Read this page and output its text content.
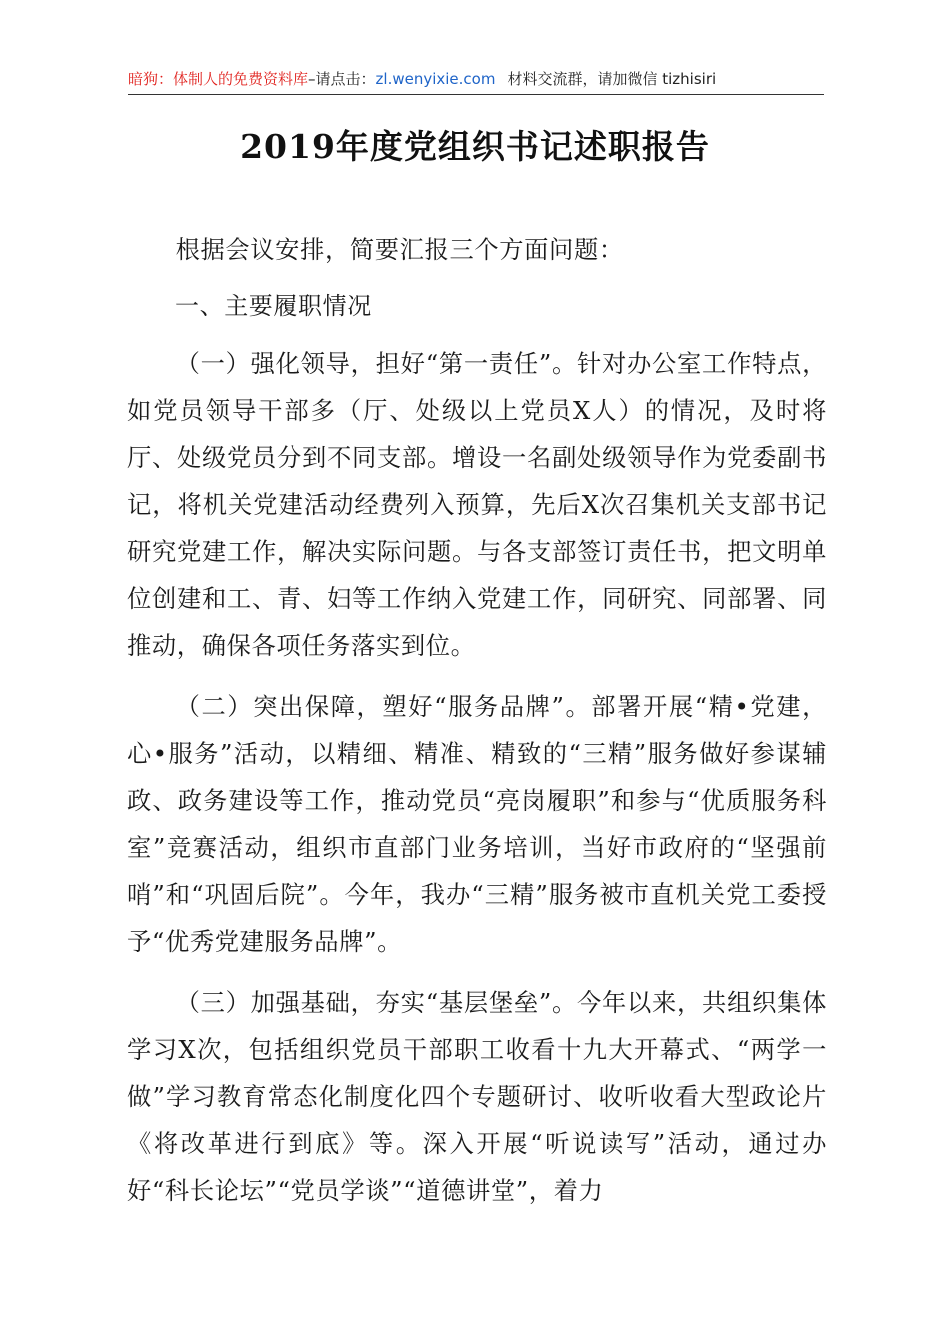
暗狗：体制人的免费资料库–请点击：zl.wenyixie.com 材料交流群，请加微信 tizhisiri
2019年度党组织书记述职报告

根据会议安排，简要汇报三个方面问题：

一、主要履职情况

（一）强化领导，担好“第一责任”。针对办公室工作特点，如党员领导干部多（厅、处级以上党员X人）的情况，及时将厅、处级党员分到不同支部。增设一名副处级领导作为党委副书记，将机关党建活动经费列入预算，先后X次召集机关支部书记研究党建工作，解决实际问题。与各支部签订责任书，把文明单位创建和工、青、妇等工作纳入党建工作，同研究、同部署、同推动，确保各项任务落实到位。

（二）突出保障，塑好“服务品牌”。部署开展“精•党建，心•服务”活动，以精细、精准、精致的“三精”服务做好参谋辅政、政务建设等工作，推动党员“亮岗履职”和参与“优质服务科室”竞赛活动，组织市直部门业务培训，当好市政府的“坚强前哨”和“巩固后院”。今年，我办“三精”服务被市直机关党工委授予“优秀党建服务品牌”。

（三）加强基础，夯实“基层堡垒”。今年以来，共组织集体学习X次，包括组织党员干部职工收看十九大开幕式、“两学一做”学习教育常态化制度化四个专题研讨、收听收看大型政论片《将改革进行到底》等。深入开展“听说读写”活动，通过办好“科长论坛”“党员学谈”“道德讲堂”，着力
